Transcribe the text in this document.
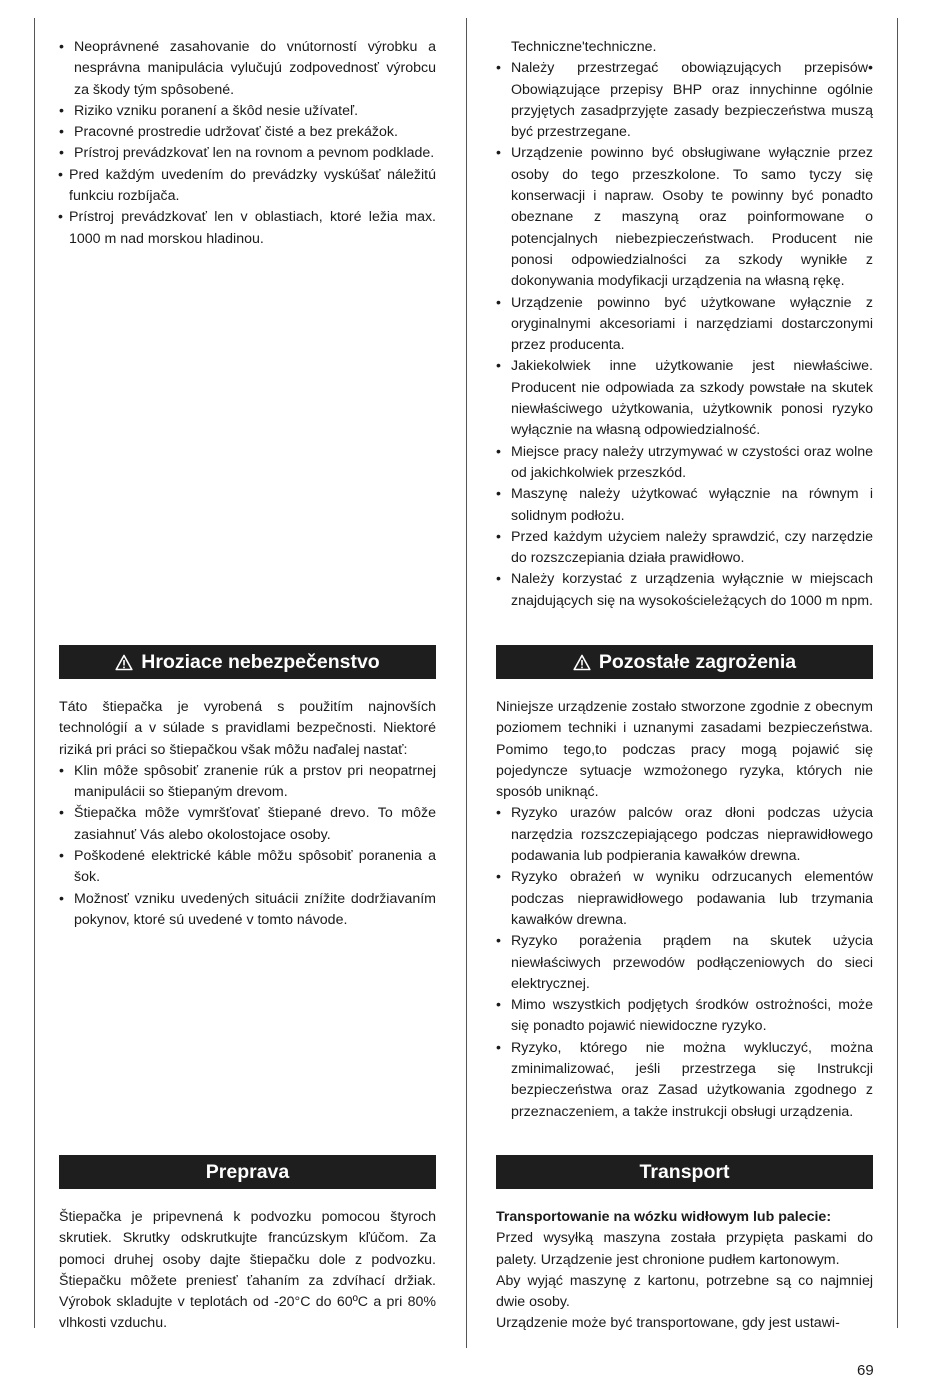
• Neoprávnené zasahovanie do vnútorností výrobku a nesprávna manipulácia vylučujú zodpovednosť výrobcu za škody tým spôsobené.
• Riziko vzniku poranení a škôd nesie užívateľ.
• Pracovné prostredie udržovať čisté a bez prekážok.
• Prístroj prevádzkovať len na rovnom a pevnom podklade.
• Pred každým uvedením do prevádzky vyskúšať náležitú funkciu rozbíjača.
• Prístroj prevádzkovať len v oblastiach, ktoré ležia max. 1000 m nad morskou hladinou.
Hroziace nebezpečenstvo

Táto štiepačka je vyrobená s použitím najnovších technológií a v súlade s pravidlami bezpečnosti. Niektoré riziká pri práci so štiepačkou však môžu naďalej nastať:

• Klin môže spôsobiť zranenie rúk a prstov pri neopatrnej manipulácii so štiepaným drevom.
• Štiepačka môže vymršťovať štiepané drevo. To môže zasiahnuť Vás alebo okolostojace osoby.
• Poškodené elektrické káble môžu spôsobiť poranenia a šok.
• Možnosť vzniku uvedených situácii znížite dodržiavaním pokynov, ktoré sú uvedené v tomto návode.
Preprava

Štiepačka je pripevnená k podvozku pomocou štyroch skrutiek. Skrutky odskrutkujte francúzskym kľúčom. Za pomoci druhej osoby dajte štiepačku dole z podvozku. Štiepačku môžete preniesť ťahaním za zdvíhací držiak. Výrobok skladujte v teplotách od -20°C do 60ºC a pri 80% vlhkosti vzduchu.

Techniczne'techniczne.
• Należy przestrzegać obowiązujących przepisów• Obowiązujące przepisy BHP oraz innychinne ogólnie przyjętych zasadprzyjęte zasady bezpieczeństwa muszą być przestrzegane.
• Urządzenie powinno być obsługiwane wyłącznie przez osoby do tego przeszkolone. To samo tyczy się konserwacji i napraw. Osoby te powinny być ponadto obeznane z maszyną oraz poinformowane o potencjalnych niebezpieczeństwach. Producent nie ponosi odpowiedzialności za szkody wynikłe z dokonywania modyfikacji urządzenia na własną rękę.
• Urządzenie powinno być użytkowane wyłącznie z oryginalnymi akcesoriami i narzędziami dostarczonymi przez producenta.
• Jakiekolwiek inne użytkowanie jest niewłaściwe. Producent nie odpowiada za szkody powstałe na skutek niewłaściwego użytkowania, użytkownik ponosi ryzyko wyłącznie na własną odpowiedzialność.
• Miejsce pracy należy utrzymywać w czystości oraz wolne od jakichkolwiek przeszkód.
• Maszynę należy użytkować wyłącznie na równym i solidnym podłożu.
• Przed każdym użyciem należy sprawdzić, czy narzędzie do rozszczepiania działa prawidłowo.
• Należy korzystać z urządzenia wyłącznie w miejscach znajdujących się na wysokościeleżących do 1000 m npm.
Pozostałe zagrożenia

Niniejsze urządzenie zostało stworzone zgodnie z obecnym poziomem techniki i uznanymi zasadami bezpieczeństwa. Pomimo tego,to podczas pracy mogą pojawić się pojedyncze sytuacje wzmożonego ryzyka, których nie sposób uniknąć.

• Ryzyko urazów palców oraz dłoni podczas użycia narzędzia rozszczepiającego podczas nieprawidłowego podawania lub podpierania kawałków drewna.
• Ryzyko obrażeń w wyniku odrzucanych elementów podczas nieprawidłowego podawania lub trzymania kawałków drewna.
• Ryzyko porażenia prądem na skutek użycia niewłaściwych przewodów podłączeniowych do sieci elektrycznej.
• Mimo wszystkich podjętych środków ostrożności, może się ponadto pojawić niewidoczne ryzyko.
• Ryzyko, którego nie można wykluczyć, można zminimalizować, jeśli przestrzega się Instrukcji bezpieczeństwa oraz Zasad użytkowania zgodnego z przeznaczeniem, a także instrukcji obsługi urządzenia.
Transport

Transportowanie na wózku widłowym lub palecie:

Przed wysyłką maszyna została przypięta paskami do palety. Urządzenie jest chronione pudłem kartonowym.

Aby wyjąć maszynę z kartonu, potrzebne są co najmniej dwie osoby.

Urządzenie może być transportowane, gdy jest ustawi-

69
